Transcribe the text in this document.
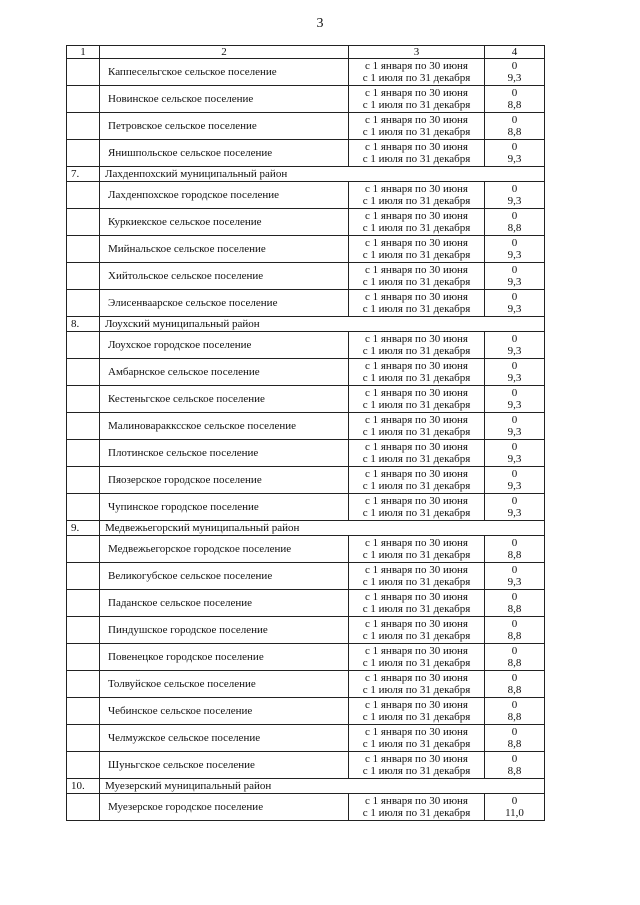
3
1	2	3	4
	Каппесельгское сельское поселение	с 1 января по 30 июня
с 1 июля по 31 декабря	0
9,3

	Новинское сельское поселение	с 1 января по 30 июня
с 1 июля по 31 декабря	0
8,8

	Петровское сельское поселение	с 1 января по 30 июня
с 1 июля по 31 декабря	0
8,8

	Янишпольское сельское поселение	с 1 января по 30 июня
с 1 июля по 31 декабря	0
9,3

7.	Лахденпохский муниципальный район		
	Лахденпохское городское поселение	с 1 января по 30 июня
с 1 июля по 31 декабря	0
9,3

	Куркиекское сельское поселение	с 1 января по 30 июня
с 1 июля по 31 декабря	0
8,8

	Мийнальское сельское поселение	с 1 января по 30 июня
с 1 июля по 31 декабря	0
9,3

	Хийтольское сельское поселение	с 1 января по 30 июня
с 1 июля по 31 декабря	0
9,3

	Элисенваарское сельское поселение	с 1 января по 30 июня
с 1 июля по 31 декабря	0
9,3

8.	Лоухский муниципальный район		
	Лоухское городское поселение	с 1 января по 30 июня
с 1 июля по 31 декабря	0
9,3

	Амбарнское сельское поселение	с 1 января по 30 июня
с 1 июля по 31 декабря	0
9,3

	Кестеньгское сельское поселение	с 1 января по 30 июня
с 1 июля по 31 декабря	0
9,3

	Малиноваракксское сельское поселение	с 1 января по 30 июня
с 1 июля по 31 декабря	0
9,3

	Плотинское сельское поселение	с 1 января по 30 июня
с 1 июля по 31 декабря	0
9,3

	Пяозерское городское поселение	с 1 января по 30 июня
с 1 июля по 31 декабря	0
9,3

	Чупинское городское поселение	с 1 января по 30 июня
с 1 июля по 31 декабря	0
9,3

9.	Медвежьегорский муниципальный район		
	Медвежьегорское городское поселение	с 1 января по 30 июня
с 1 июля по 31 декабря	0
8,8

	Великогубское сельское поселение	с 1 января по 30 июня
с 1 июля по 31 декабря	0
9,3

	Паданское сельское поселение	с 1 января по 30 июня
с 1 июля по 31 декабря	0
8,8

	Пиндушское городское поселение	с 1 января по 30 июня
с 1 июля по 31 декабря	0
8,8

	Повенецкое городское поселение	с 1 января по 30 июня
с 1 июля по 31 декабря	0
8,8

	Толвуйское сельское поселение	с 1 января по 30 июня
с 1 июля по 31 декабря	0
8,8

	Чебинское сельское поселение	с 1 января по 30 июня
с 1 июля по 31 декабря	0
8,8

	Челмужское сельское поселение	с 1 января по 30 июня
с 1 июля по 31 декабря	0
8,8

	Шуньгское сельское поселение	с 1 января по 30 июня
с 1 июля по 31 декабря	0
8,8

10.	Муезерский муниципальный район		
	Муезерское городское поселение	с 1 января по 30 июня
с 1 июля по 31 декабря	0
11,0
